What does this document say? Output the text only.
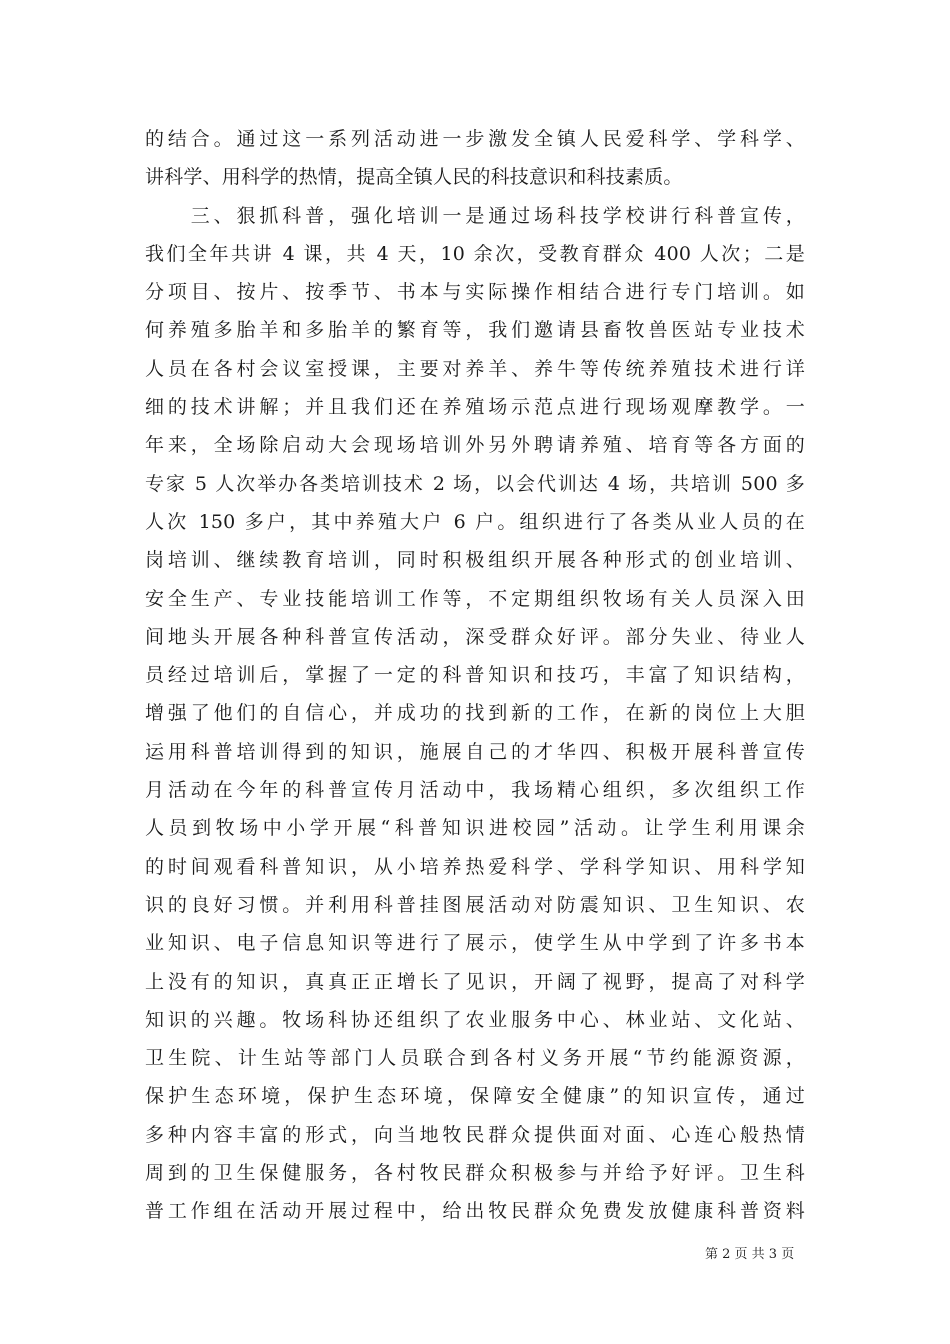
的结合。通过这一系列活动进一步激发全镇人民爱科学、学科学、
讲科学、用科学的热情，提高全镇人民的科技意识和科技素质。
　　三、狠抓科普，强化培训一是通过场科技学校讲行科普宣传，
我们全年共讲 4 课，共 4 天，10 余次，受教育群众 400 人次；二是
分项目、按片、按季节、书本与实际操作相结合进行专门培训。如
何养殖多胎羊和多胎羊的繁育等，我们邀请县畜牧兽医站专业技术
人员在各村会议室授课，主要对养羊、养牛等传统养殖技术进行详
细的技术讲解；并且我们还在养殖场示范点进行现场观摩教学。一
年来，全场除启动大会现场培训外另外聘请养殖、培育等各方面的
专家 5 人次举办各类培训技术 2 场，以会代训达 4 场，共培训 500 多
人次 150 多户，其中养殖大户 6 户。组织进行了各类从业人员的在
岗培训、继续教育培训，同时积极组织开展各种形式的创业培训、
安全生产、专业技能培训工作等，不定期组织牧场有关人员深入田
间地头开展各种科普宣传活动，深受群众好评。部分失业、待业人
员经过培训后，掌握了一定的科普知识和技巧，丰富了知识结构，
增强了他们的自信心，并成功的找到新的工作，在新的岗位上大胆
运用科普培训得到的知识，施展自己的才华四、积极开展科普宣传
月活动在今年的科普宣传月活动中，我场精心组织，多次组织工作
人员到牧场中小学开展“科普知识进校园”活动。让学生利用课余
的时间观看科普知识，从小培养热爱科学、学科学知识、用科学知
识的良好习惯。并利用科普挂图展活动对防震知识、卫生知识、农
业知识、电子信息知识等进行了展示，使学生从中学到了许多书本
上没有的知识，真真正正增长了见识，开阔了视野，提高了对科学
知识的兴趣。牧场科协还组织了农业服务中心、林业站、文化站、
卫生院、计生站等部门人员联合到各村义务开展“节约能源资源，
保护生态环境，保护生态环境，保障安全健康”的知识宣传，通过
多种内容丰富的形式，向当地牧民群众提供面对面、心连心般热情
周到的卫生保健服务，各村牧民群众积极参与并给予好评。卫生科
普工作组在活动开展过程中，给出牧民群众免费发放健康科普资料
第 2 页 共 3 页
